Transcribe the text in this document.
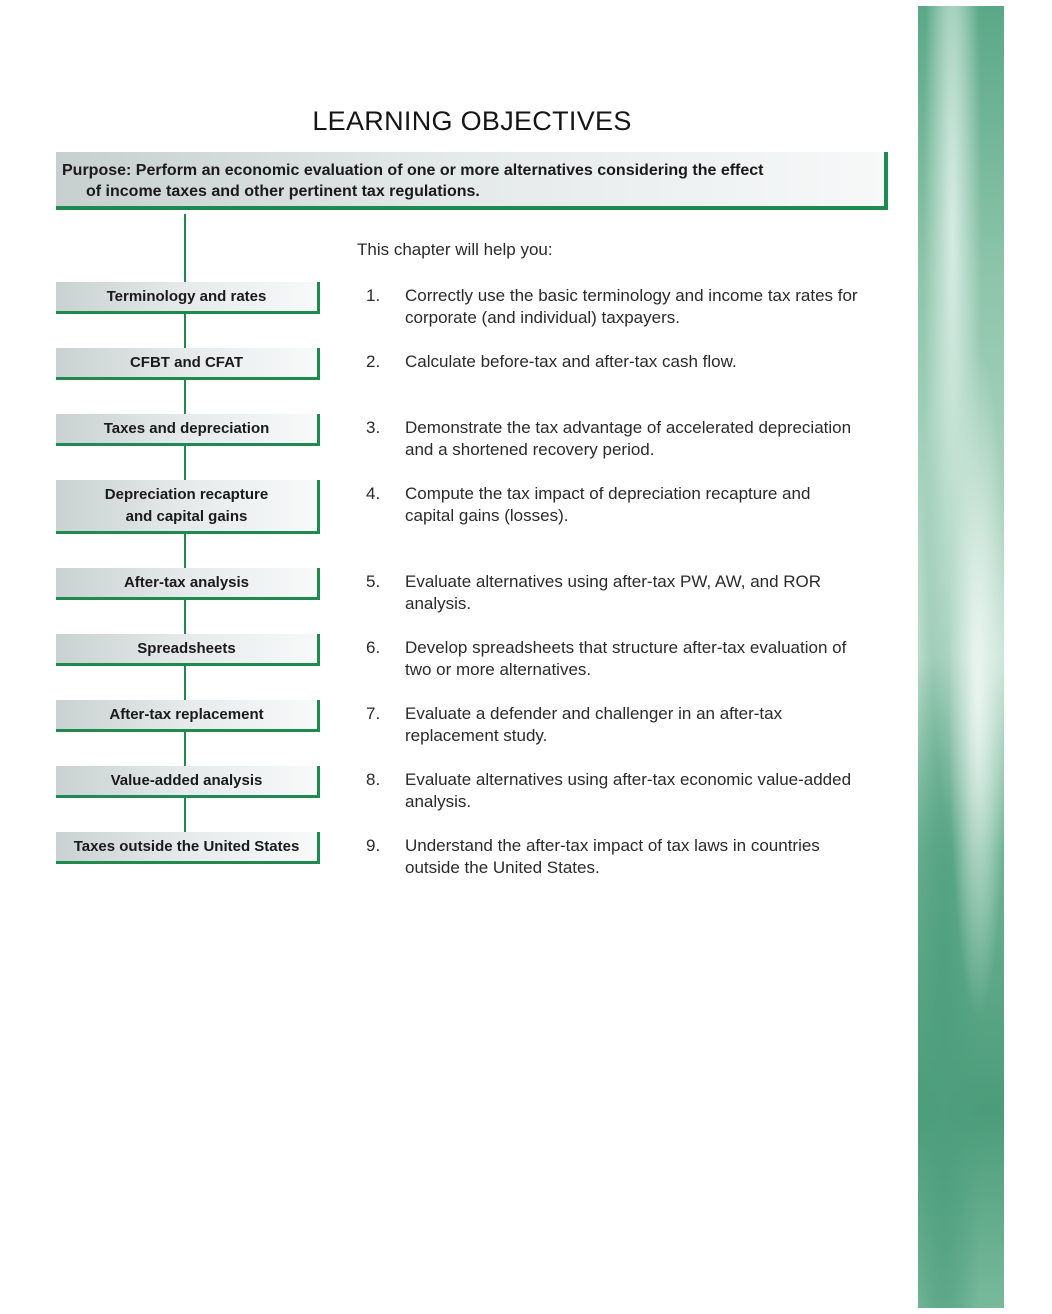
LEARNING OBJECTIVES
Purpose: Perform an economic evaluation of one or more alternatives considering the effect
of income taxes and other pertinent tax regulations.
Terminology and rates
CFBT and CFAT
Taxes and depreciation
Depreciation recapture
and capital gains
After-tax analysis
Spreadsheets
After-tax replacement
Value-added analysis
Taxes outside the United States
This chapter will help you:
1. Correctly use the basic terminology and income tax rates for
corporate (and individual) taxpayers.
2. Calculate before-tax and after-tax cash flow.
3. Demonstrate the tax advantage of accelerated depreciation
and a shortened recovery period.
4. Compute the tax impact of depreciation recapture and
capital gains (losses).
5. Evaluate alternatives using after-tax PW, AW, and ROR
analysis.
6. Develop spreadsheets that structure after-tax evaluation of
two or more alternatives.
7. Evaluate a defender and challenger in an after-tax
replacement study.
8. Evaluate alternatives using after-tax economic value-added
analysis.
9. Understand the after-tax impact of tax laws in countries
outside the United States.
